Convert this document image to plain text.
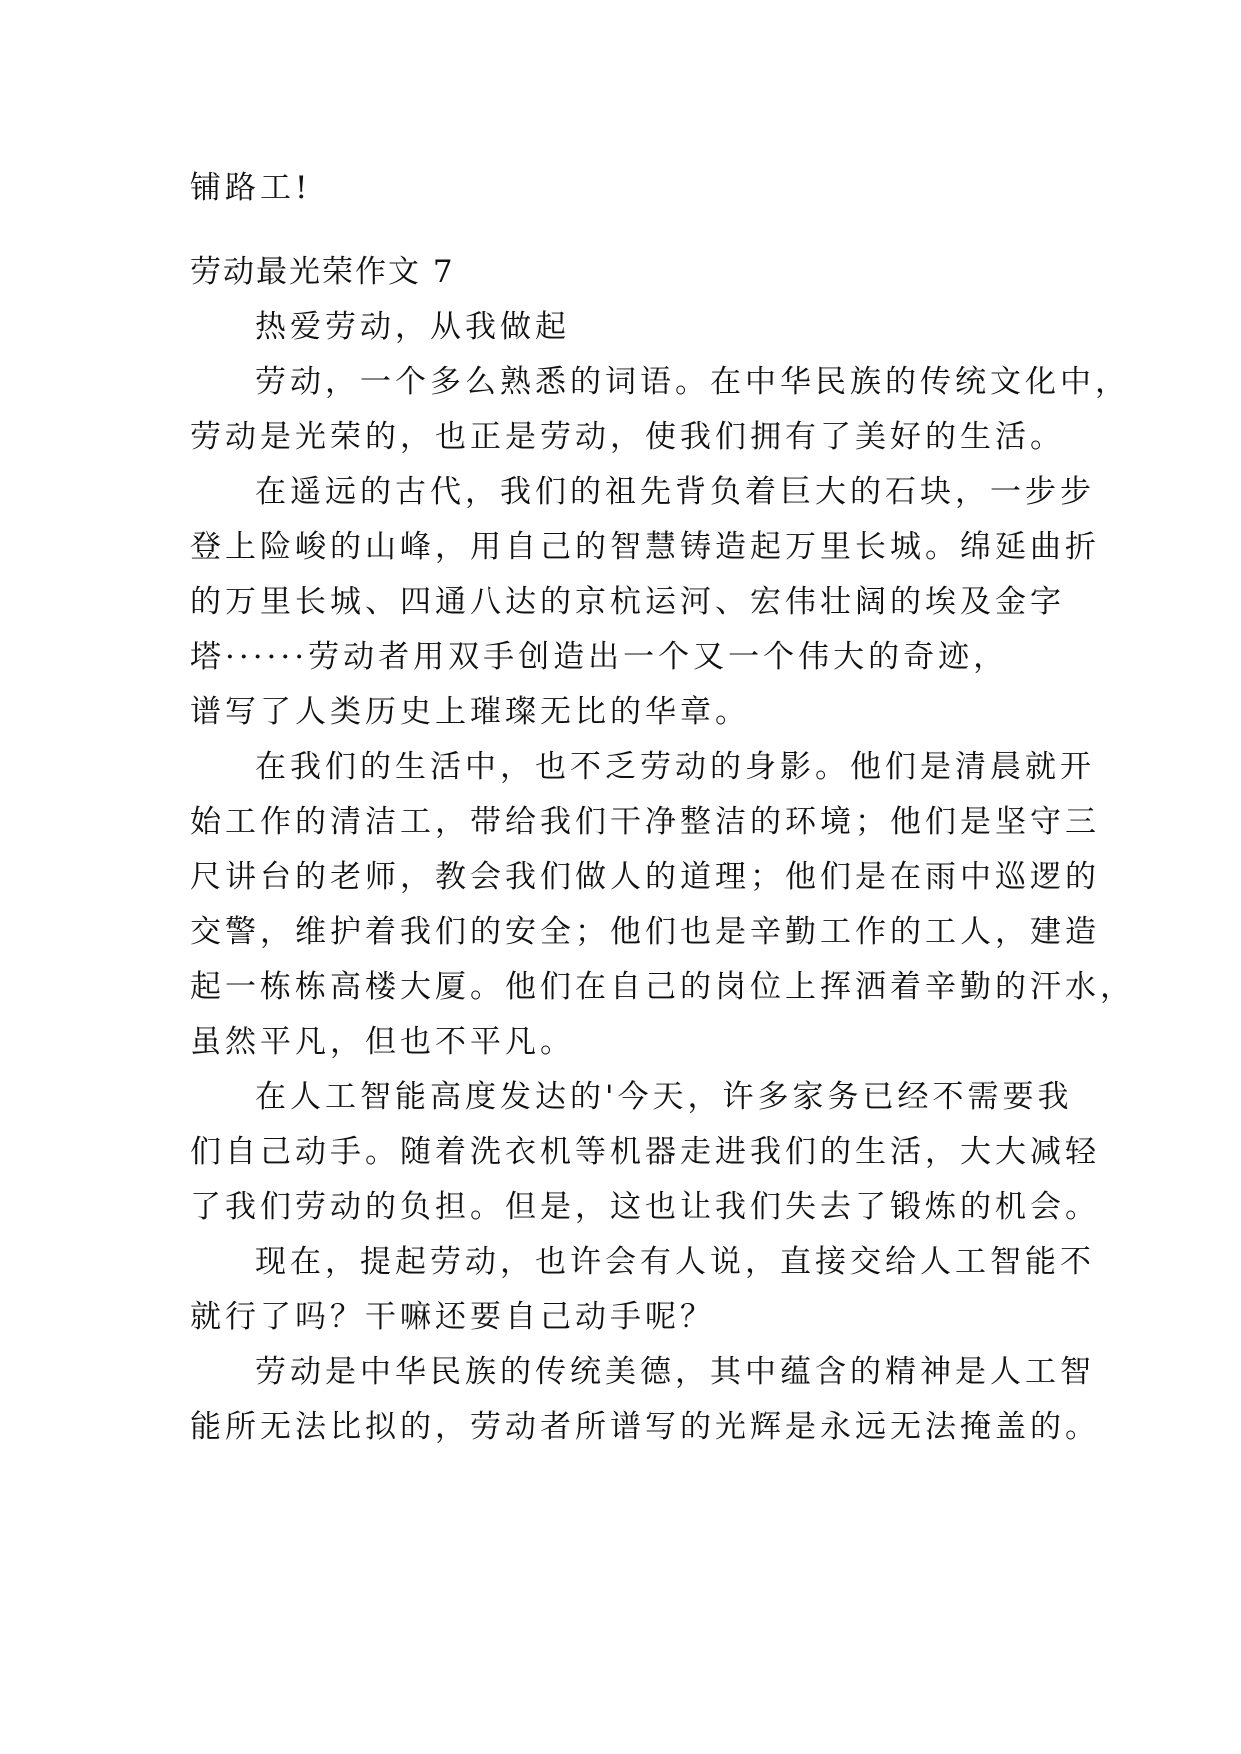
铺路工!
劳动最光荣作文 7
热爱劳动，从我做起
劳动，一个多么熟悉的词语。在中华民族的传统文化中，
劳动是光荣的，也正是劳动，使我们拥有了美好的生活。
在遥远的古代，我们的祖先背负着巨大的石块，一步步
登上险峻的山峰，用自己的智慧铸造起万里长城。绵延曲折
的万里长城、四通八达的京杭运河、宏伟壮阔的埃及金字
塔······劳动者用双手创造出一个又一个伟大的奇迹，
谱写了人类历史上璀璨无比的华章。
在我们的生活中，也不乏劳动的身影。他们是清晨就开
始工作的清洁工，带给我们干净整洁的环境；他们是坚守三
尺讲台的老师，教会我们做人的道理；他们是在雨中巡逻的
交警，维护着我们的安全；他们也是辛勤工作的工人，建造
起一栋栋高楼大厦。他们在自己的岗位上挥洒着辛勤的汗水，
虽然平凡，但也不平凡。
在人工智能高度发达的'今天，许多家务已经不需要我
们自己动手。随着洗衣机等机器走进我们的生活，大大减轻
了我们劳动的负担。但是，这也让我们失去了锻炼的机会。
现在，提起劳动，也许会有人说，直接交给人工智能不
就行了吗？干嘛还要自己动手呢？
劳动是中华民族的传统美德，其中蕴含的精神是人工智
能所无法比拟的，劳动者所谱写的光辉是永远无法掩盖的。
